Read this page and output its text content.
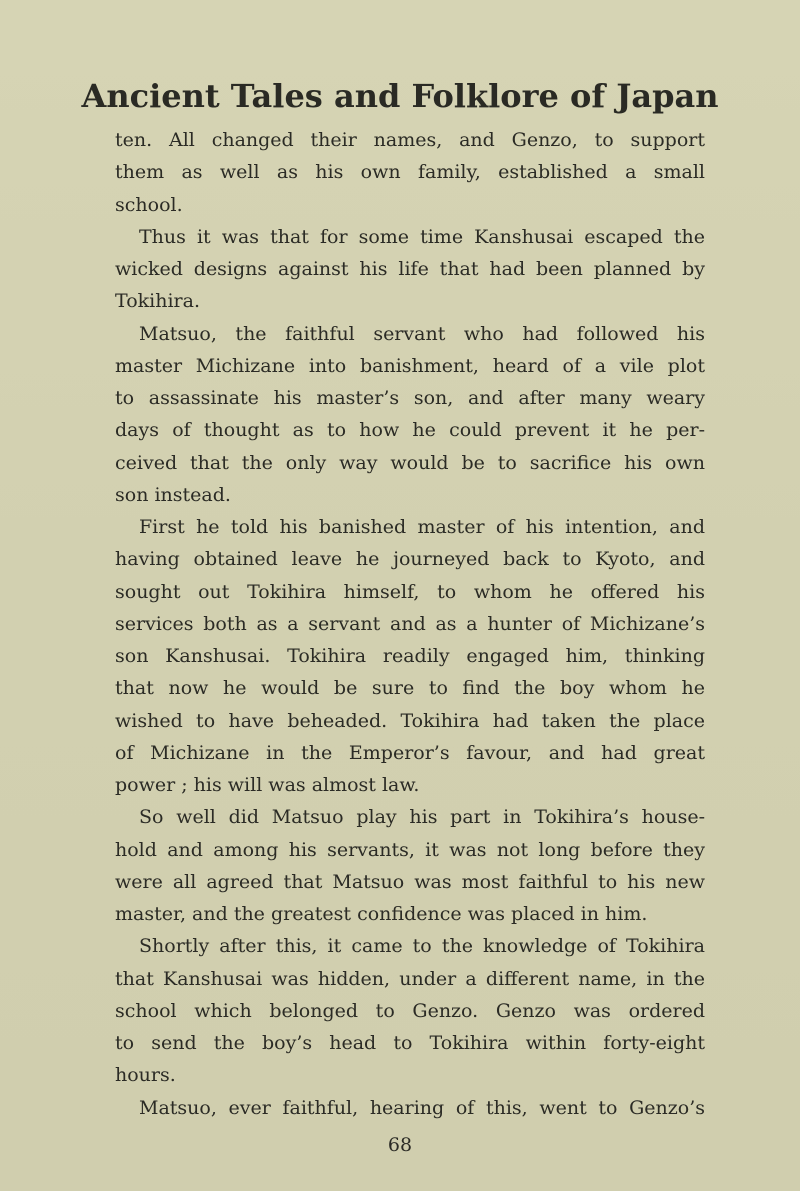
Ancient Tales and Folklore of Japan
ten. All changed their names, and Genzo, to support
them as well as his own family, established a small
school.
Thus it was that for some time Kanshusai escaped the
wicked designs against his life that had been planned by
Tokihira.
Matsuo, the faithful servant who had followed his
master Michizane into banishment, heard of a vile plot
to assassinate his master’s son, and after many weary
days of thought as to how he could prevent it he per-
ceived that the only way would be to sacrifice his own
son instead.
First he told his banished master of his intention, and
having obtained leave he journeyed back to Kyoto, and
sought out Tokihira himself, to whom he offered his
services both as a servant and as a hunter of Michizane’s
son Kanshusai. Tokihira readily engaged him, thinking
that now he would be sure to find the boy whom he
wished to have beheaded. Tokihira had taken the place
of Michizane in the Emperor’s favour, and had great
power ; his will was almost law.
So well did Matsuo play his part in Tokihira’s house-
hold and among his servants, it was not long before they
were all agreed that Matsuo was most faithful to his new
master, and the greatest confidence was placed in him.
Shortly after this, it came to the knowledge of Tokihira
that Kanshusai was hidden, under a different name, in the
school which belonged to Genzo. Genzo was ordered
to send the boy’s head to Tokihira within forty-eight
hours.
Matsuo, ever faithful, hearing of this, went to Genzo’s
68
